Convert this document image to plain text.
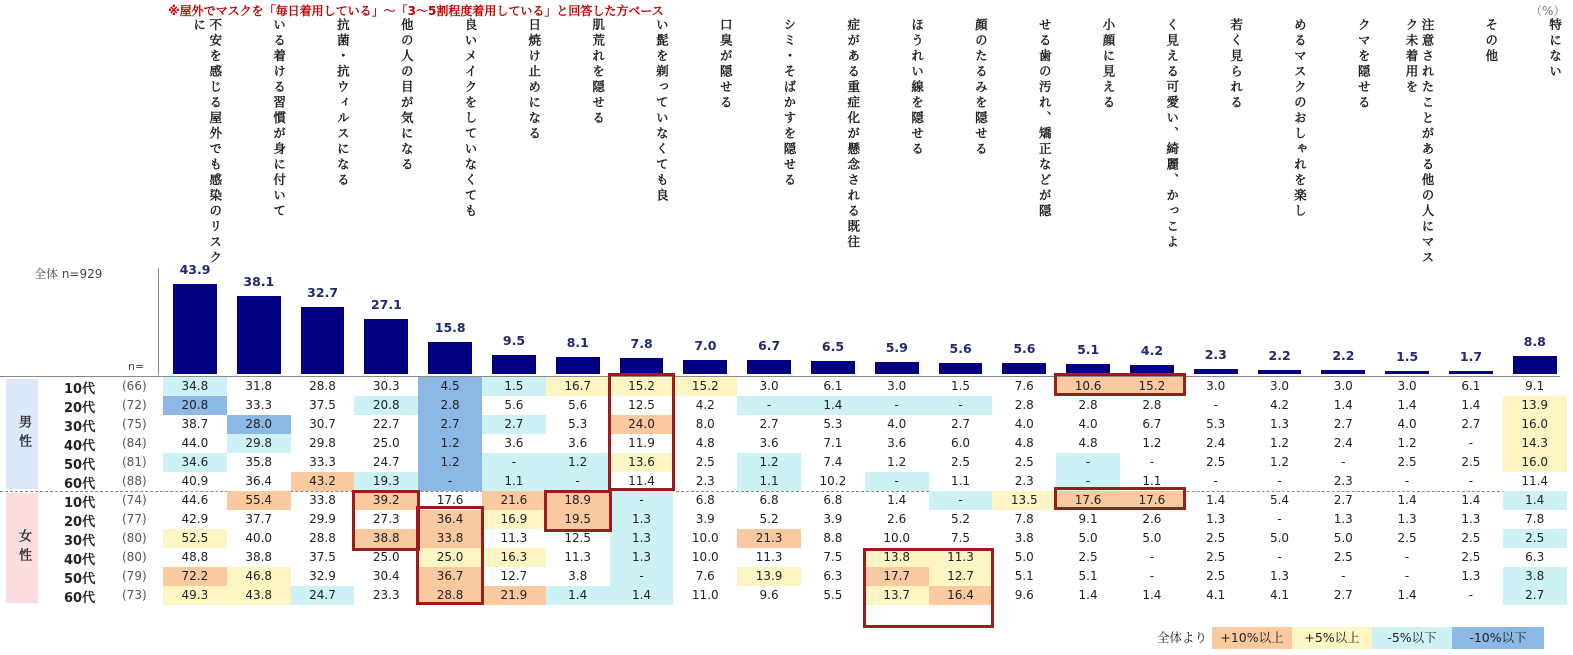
※屋外でマスクを「毎日着用している」～「3～5割程度着用している」と回答した方ベース	（%）
全体 n=929
n=
不安を感じる屋外でも感染のリスクに	いる着ける習慣が身に付いて	抗菌・抗ウィルスになる	他の人の目が気になる	良いメイクをしていなくても	日焼け止めになる	肌荒れを隠せる	い髭を剃っていなくても良	口臭が隠せる	シミ・そばかすを隠せる	症がある重症化が懸念される既往	ほうれい線を隠せる	顔のたるみを隠せる	せる歯の汚れ、矯正などが隠	小顔に見える	く見える可愛い、綺麗、かっこよ	若く見られる	めるマスクのおしゃれを楽し	クマを隠せる	注意されたことがある他の人にマスク未着用を	その他	特にない
43.9
38.1
32.7
27.1
15.8
9.5	8.1	7.8	7.0	6.7	6.5	5.9	5.6	5.6	5.1	4.2	2.3	2.2	2.2	1.5	1.7
8.8
男性
10代 (66)	34.8	31.8	28.8	30.3	4.5	1.5	16.7	15.2	15.2	3.0	6.1	3.0	1.5	7.6	10.6	15.2	3.0	3.0	3.0	3.0	6.1	9.1
20代 (72)	20.8	33.3	37.5	20.8	2.8	5.6	5.6	12.5	4.2	-	1.4	-	-	2.8	2.8	2.8	-	4.2	1.4	1.4	1.4	13.9
30代 (75)	38.7	28.0	30.7	22.7	2.7	2.7	5.3	24.0	8.0	2.7	5.3	4.0	2.7	4.0	4.0	6.7	5.3	1.3	2.7	4.0	2.7	16.0
40代 (84)	44.0	29.8	29.8	25.0	1.2	3.6	3.6	11.9	4.8	3.6	7.1	3.6	6.0	4.8	4.8	1.2	2.4	1.2	2.4	1.2	-	14.3
50代 (81)	34.6	35.8	33.3	24.7	1.2	-	1.2	13.6	2.5	1.2	7.4	1.2	2.5	2.5	-	-	2.5	1.2	-	2.5	2.5	16.0
60代 (88)	40.9	36.4	43.2	19.3	-	1.1	-	11.4	2.3	1.1	10.2	-	1.1	2.3	-	1.1	-	-	2.3	-	-	11.4
女性
10代 (74)	44.6	55.4	33.8	39.2	17.6	21.6	18.9	-	6.8	6.8	6.8	1.4	-	13.5	17.6	17.6	1.4	5.4	2.7	1.4	1.4	1.4
20代 (77)	42.9	37.7	29.9	27.3	36.4	16.9	19.5	1.3	3.9	5.2	3.9	2.6	5.2	7.8	9.1	2.6	1.3	-	1.3	1.3	1.3	7.8
30代 (80)	52.5	40.0	28.8	38.8	33.8	11.3	12.5	1.3	10.0	21.3	8.8	10.0	7.5	3.8	5.0	5.0	2.5	5.0	5.0	2.5	2.5	2.5
40代 (80)	48.8	38.8	37.5	25.0	25.0	16.3	11.3	1.3	10.0	11.3	7.5	13.8	11.3	5.0	2.5	-	2.5	-	2.5	-	2.5	6.3
50代 (79)	72.2	46.8	32.9	30.4	36.7	12.7	3.8	-	7.6	13.9	6.3	17.7	12.7	5.1	5.1	-	2.5	1.3	-	-	1.3	3.8
60代 (73)	49.3	43.8	24.7	23.3	28.8	21.9	1.4	1.4	11.0	9.6	5.5	13.7	16.4	9.6	1.4	1.4	4.1	4.1	2.7	1.4	-	2.7
全体より	+10%以上	+5%以上	-5%以下	-10%以下
